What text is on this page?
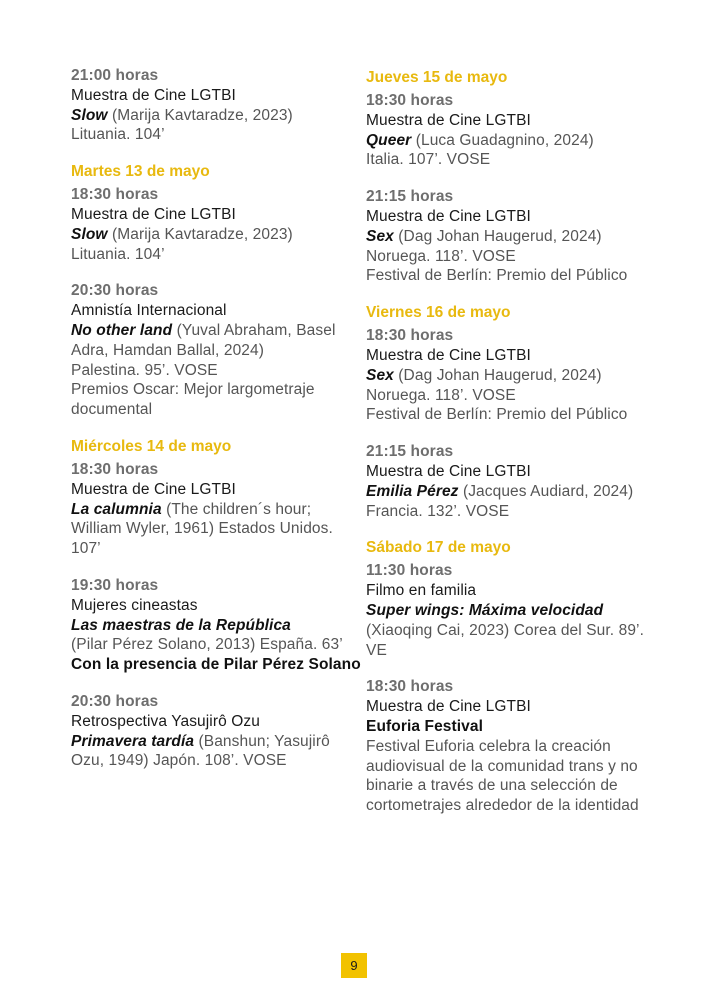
21:00 horas
Muestra de Cine LGTBI
Slow (Marija Kavtaradze, 2023)
Lituania. 104’
Martes 13 de mayo
18:30 horas
Muestra de Cine LGTBI
Slow (Marija Kavtaradze, 2023)
Lituania. 104’
20:30 horas
Amnistía Internacional
No other land (Yuval Abraham, Basel Adra, Hamdan Ballal, 2024)
Palestina. 95’. VOSE
Premios Oscar: Mejor largometraje documental
Miércoles 14 de mayo
18:30 horas
Muestra de Cine LGTBI
La calumnia (The children´s hour; William Wyler, 1961) Estados Unidos. 107’
19:30 horas
Mujeres cineastas
Las maestras de la República
(Pilar Pérez Solano, 2013) España. 63’
Con la presencia de Pilar Pérez Solano
20:30 horas
Retrospectiva Yasujirô Ozu
Primavera tardía (Banshun; Yasujirô Ozu, 1949) Japón. 108’. VOSE
Jueves 15 de mayo
18:30 horas
Muestra de Cine LGTBI
Queer (Luca Guadagnino, 2024)
Italia. 107’. VOSE
21:15 horas
Muestra de Cine LGTBI
Sex (Dag Johan Haugerud, 2024)
Noruega. 118’. VOSE
Festival de Berlín: Premio del Público
Viernes 16 de mayo
18:30 horas
Muestra de Cine LGTBI
Sex (Dag Johan Haugerud, 2024)
Noruega. 118’. VOSE
Festival de Berlín: Premio del Público
21:15 horas
Muestra de Cine LGTBI
Emilia Pérez (Jacques Audiard, 2024) Francia. 132’. VOSE
Sábado 17 de mayo
11:30 horas
Filmo en familia
Super wings: Máxima velocidad
(Xiaoqing Cai, 2023) Corea del Sur. 89’. VE
18:30 horas
Muestra de Cine LGTBI
Euforia Festival
Festival Euforia celebra la creación audiovisual de la comunidad trans y no binarie a través de una selección de cortometrajes alrededor de la identidad
9
